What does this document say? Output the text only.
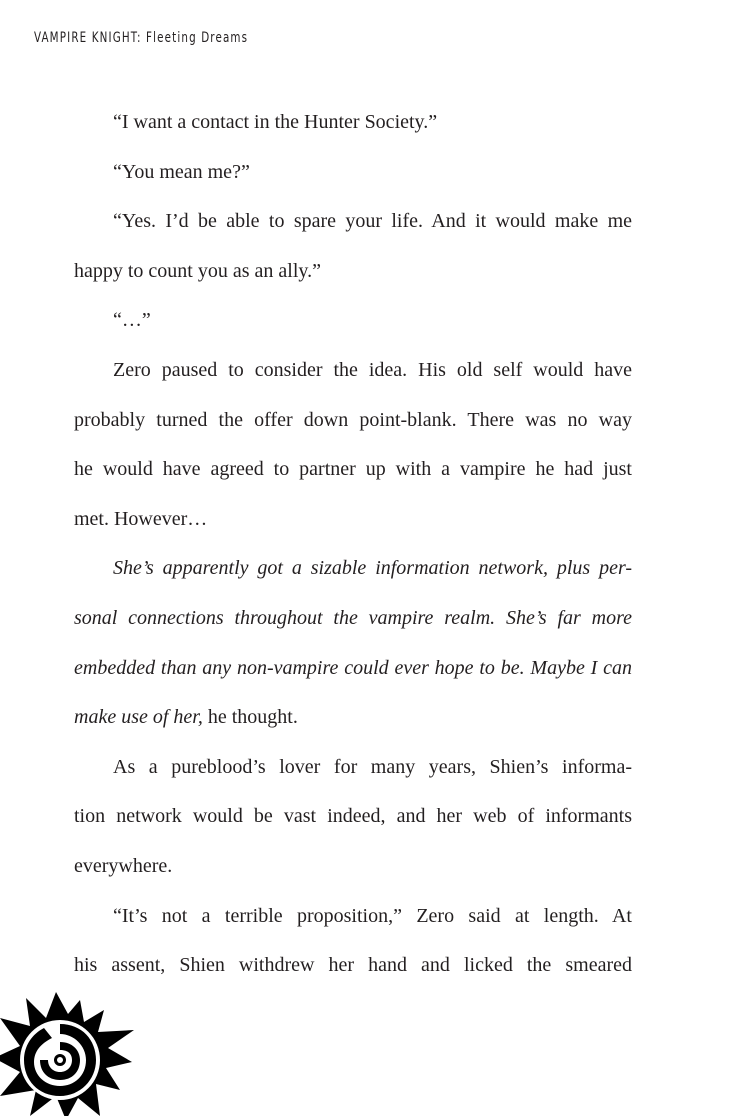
VAMPIRE KNIGHT: Fleeting Dreams

“I want a contact in the Hunter Society.”

“You mean me?”

“Yes. I’d be able to spare your life. And it would make me
happy to count you as an ally.”

“…”

Zero paused to consider the idea. His old self would have
probably turned the offer down point-blank. There was no way
he would have agreed to partner up with a vampire he had just
met. However…

She’s apparently got a sizable information network, plus per-
sonal connections throughout the vampire realm. She’s far more
embedded than any non-vampire could ever hope to be. Maybe I can
make use of her, he thought.

As a pureblood’s lover for many years, Shien’s informa-
tion network would be vast indeed, and her web of informants
everywhere.

“It’s not a terrible proposition,” Zero said at length. At
his assent, Shien withdrew her hand and licked the smeared
